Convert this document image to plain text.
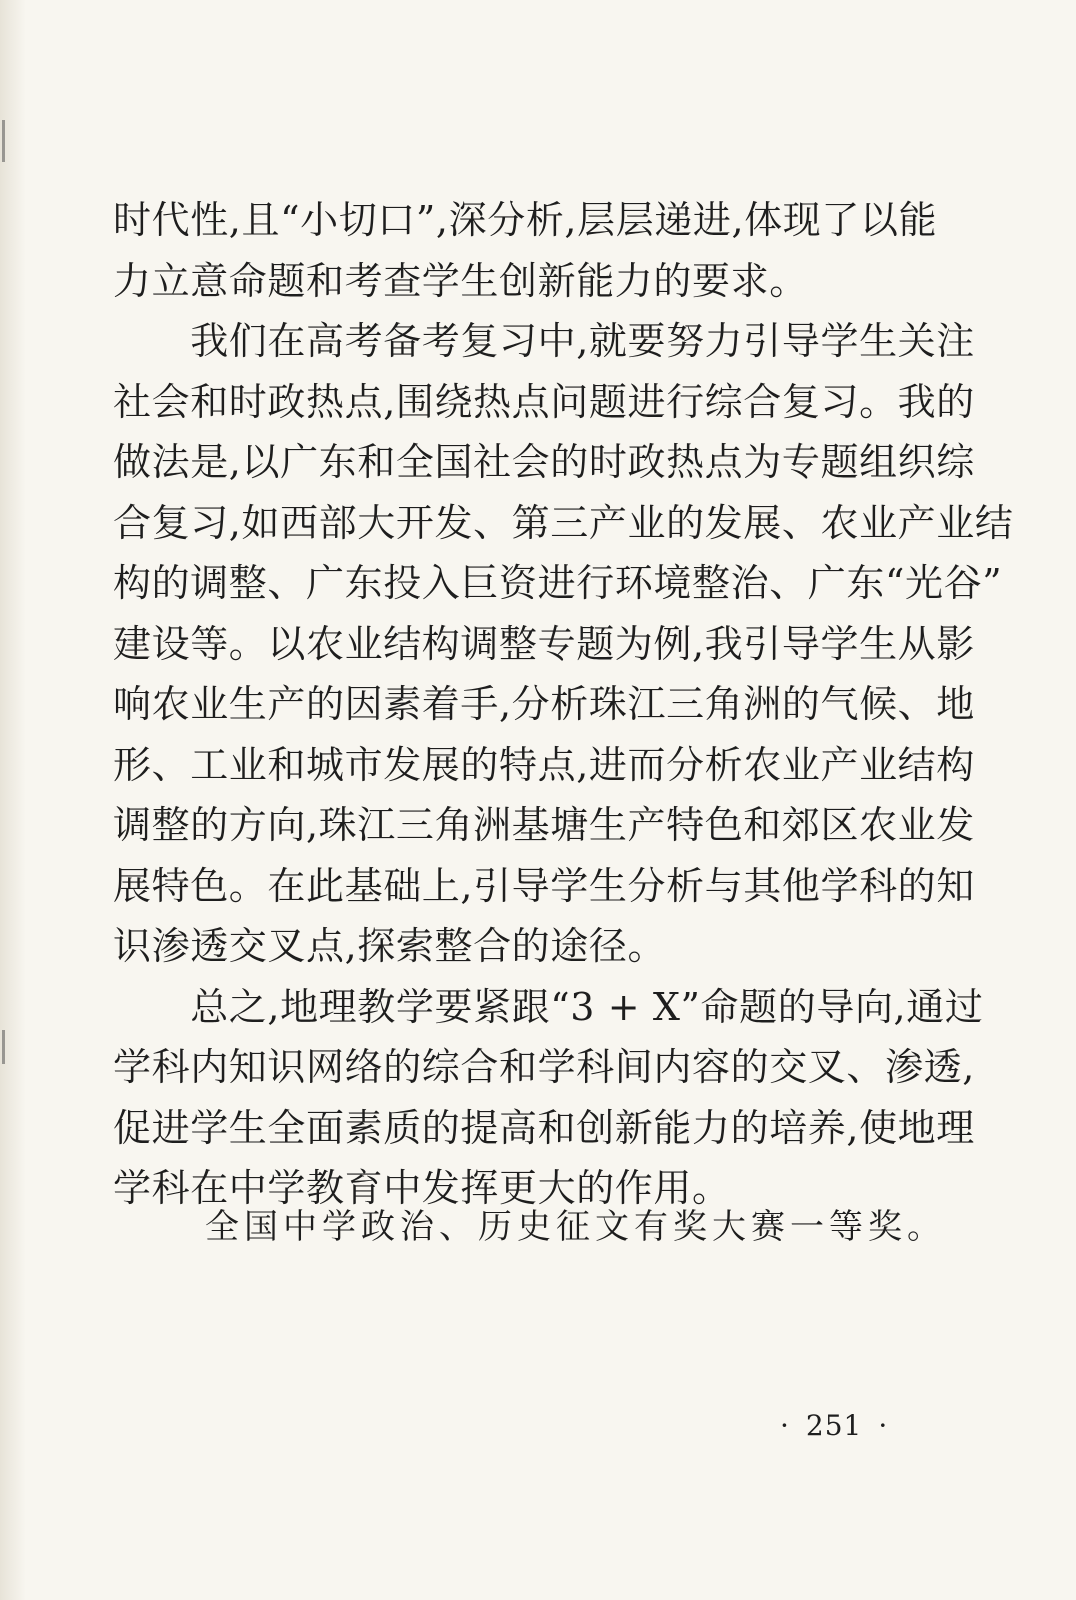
时代性,且“小切口”,深分析,层层递进,体现了以能
力立意命题和考查学生创新能力的要求。
　　我们在高考备考复习中,就要努力引导学生关注
社会和时政热点,围绕热点问题进行综合复习。我的
做法是,以广东和全国社会的时政热点为专题组织综
合复习,如西部大开发、第三产业的发展、农业产业结
构的调整、广东投入巨资进行环境整治、广东“光谷”
建设等。以农业结构调整专题为例,我引导学生从影
响农业生产的因素着手,分析珠江三角洲的气候、地
形、工业和城市发展的特点,进而分析农业产业结构
调整的方向,珠江三角洲基塘生产特色和郊区农业发
展特色。在此基础上,引导学生分析与其他学科的知
识渗透交叉点,探索整合的途径。
　　总之,地理教学要紧跟“3 + X”命题的导向,通过
学科内知识网络的综合和学科间内容的交叉、渗透,
促进学生全面素质的提高和创新能力的培养,使地理
学科在中学教育中发挥更大的作用。
全国中学政治、历史征文有奖大赛一等奖。
· 251 ·
